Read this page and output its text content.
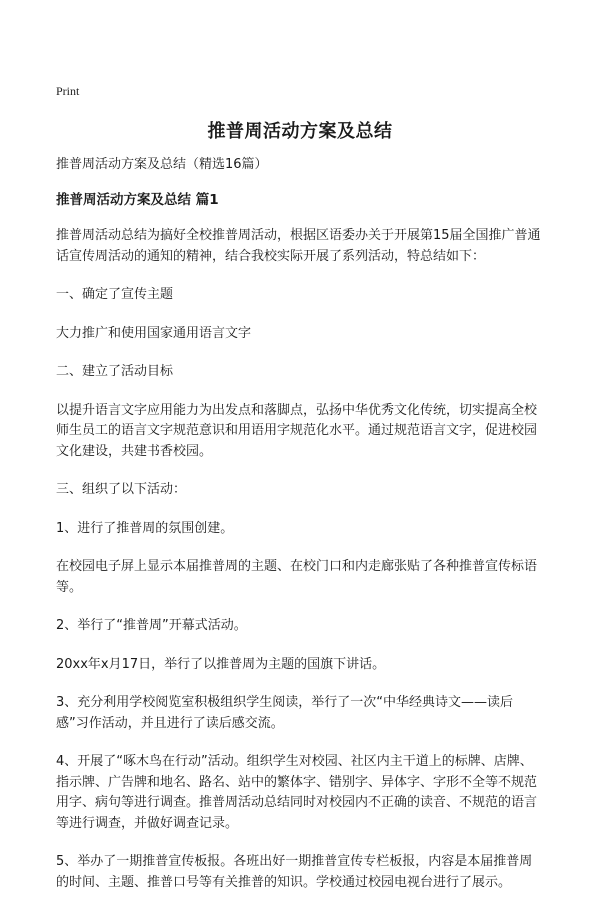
Print
推普周活动方案及总结
推普周活动方案及总结（精选16篇）
推普周活动方案及总结 篇1
推普周活动总结为搞好全校推普周活动，根据区语委办关于开展第15届全国推广普通话宣传周活动的通知的精神，结合我校实际开展了系列活动，特总结如下：
一、确定了宣传主题
大力推广和使用国家通用语言文字
二、建立了活动目标
以提升语言文字应用能力为出发点和落脚点，弘扬中华优秀文化传统，切实提高全校师生员工的语言文字规范意识和用语用字规范化水平。通过规范语言文字，促进校园文化建设，共建书香校园。
三、组织了以下活动：
1、进行了推普周的氛围创建。
在校园电子屏上显示本届推普周的主题、在校门口和内走廊张贴了各种推普宣传标语等。
2、举行了“推普周”开幕式活动。
20xx年x月17日，举行了以推普周为主题的国旗下讲话。
3、充分利用学校阅览室积极组织学生阅读，举行了一次“中华经典诗文——读后感”习作活动，并且进行了读后感交流。
4、开展了“啄木鸟在行动”活动。组织学生对校园、社区内主干道上的标牌、店牌、指示牌、广告牌和地名、路名、站中的繁体字、错别字、异体字、字形不全等不规范用字、病句等进行调查。推普周活动总结同时对校园内不正确的读音、不规范的语言等进行调查，并做好调查记录。
5、举办了一期推普宣传板报。各班出好一期推普宣传专栏板报，内容是本届推普周的时间、主题、推普口号等有关推普的知识。学校通过校园电视台进行了展示。
